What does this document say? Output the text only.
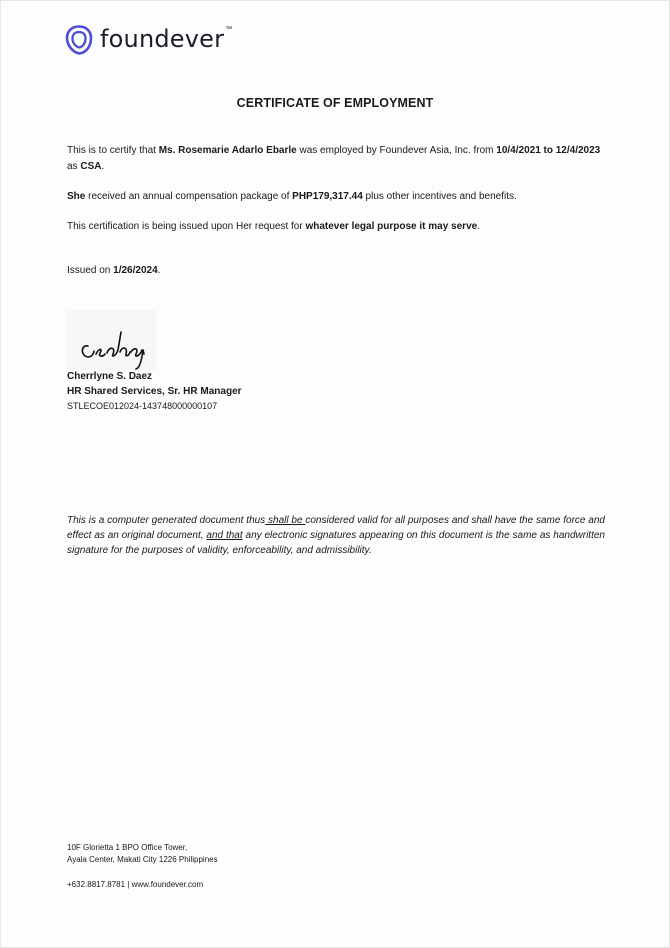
foundever ™
CERTIFICATE OF EMPLOYMENT
This is to certify that Ms. Rosemarie Adarlo Ebarle was employed by Foundever Asia, Inc. from 10/4/2021 to 12/4/2023 as CSA.
She received an annual compensation package of PHP179,317.44 plus other incentives and benefits.
This certification is being issued upon Her request for whatever legal purpose it may serve.
Issued on 1/26/2024.
Cherrlyne S. Daez
HR Shared Services, Sr. HR Manager
STLECOE012024-143748000000107
This is a computer generated document thus shall be considered valid for all purposes and shall have the same force and effect as an original document, and that any electronic signatures appearing on this document is the same as handwritten signature for the purposes of validity, enforceability, and admissibility.
10F Glorietta 1 BPO Office Tower,
Ayala Center, Makati City 1226 Philippines
+632.8817.8781 | www.foundever.com
